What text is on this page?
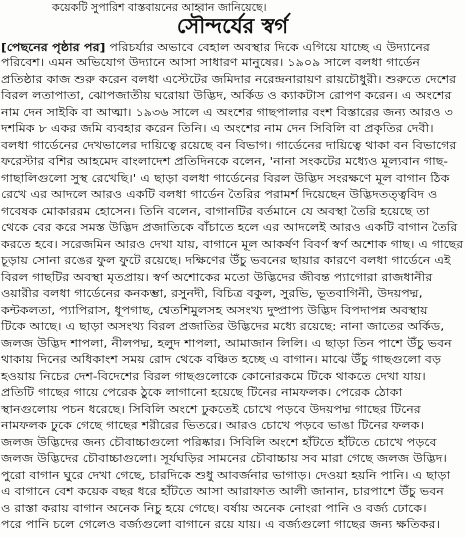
কয়েকটি সুপারিশ বাস্তবায়নের আহ্বান জানিয়েছে।
সৌন্দর্যের স্বর্গ
[পেছনের পৃষ্ঠার পর] পরিচর্যার অভাবে বেহাল অবস্থার দিকে এগিয়ে যাচ্ছে এ উদ্যানের
পরিবেশ। এমন অভিযোগ উদ্যানে আসা সাধারণ মানুষের। ১৯০৯ সালে বলধা গার্ডেন
প্রতিষ্ঠার কাজ শুরু করেন বলধা এস্টেটের জমিদার নরেন্দ্রনারায়ণ রায়চৌধুরী। শুরুতে দেশের
বিরল লতাপাতা, ঝোপজাতীয় ঘরোয়া উদ্ভিদ, অর্কিড ও ক্যাকটাস রোপণ করেন। এ অংশের
নাম দেন সাইকি বা আত্মা। ১৯৩৬ সালে এ অংশের গাছপালার বংশ বিস্তারের জন্য আরও ৩
দশমিক ৮ একর জমি ব্যবহার করেন তিনি। এ অংশের নাম দেন সিবিলি বা প্রকৃতির দেবী।
বলধা গার্ডেনের দেখভালের দায়িত্বে রয়েছে বন বিভাগ। গার্ডেনের দায়িত্বে থাকা বন বিভাগের
ফরেস্টার বশির আহমেদ বাংলাদেশ প্রতিদিনকে বলেন, 'নানা সংকটের মধ্যেও মূল্যবান গাছ-
গাছালিগুলো সুস্থ রেখেছি।' এ ছাড়া বলধা গার্ডেনের বিরল উদ্ভিদ সংরক্ষণে মূল বাগান ঠিক
রেখে এর আদলে আরও একটি বলধা গার্ডেন তৈরির পরামর্শ দিয়েছেন উদ্ভিদতত্ত্ববিদ ও
গবেষক মোকাররম হোসেন। তিনি বলেন, বাগানটির বর্তমানে যে অবস্থা তৈরি হয়েছে তা
থেকে বের করে সমস্ত উদ্ভিদ প্রজাতিকে বাঁচাতে হলে এর আদলেই আরও একটি বাগান তৈরি
করতে হবে। সরেজমিন আরও দেখা যায়, বাগানে মূল আকর্ষণ বিবর্ণ স্বর্ণ অশোক গাছ। এ গাছের
চূড়ায় সোনা রঙের ফুল ফুটে রয়েছে। দক্ষিণের উঁচু ভবনের ছায়ার কারণে বলধা গার্ডেনে এই
বিরল গাছটির অবস্থা মৃতপ্রায়। স্বর্ণ অশোকের মতো উদ্ভিদের জীবন্ত প্যাগোরা রাজধানীর
ওয়ারীর বলধা গার্ডেনের কনকম্ভা, রসুনদী, বিচিত্র বকুল, সুরভি, ভূতবাগিনী, উদয়পদ্ম,
কন্টকলতা, প্যাপিরাস, ধূপগাছ, শ্বেতশিমুলসহ অসংখ্য দুষ্প্রাপ্য উদ্ভিদ বিপদাপন্ন অবস্থায়
টিকে আছে। এ ছাড়া অসংখ্য বিরল প্রজাতির উদ্ভিদের মধ্যে রয়েছে: নানা জাতের অর্কিড,
জলজ উদ্ভিদ শাপলা, নীলপদ্ম, হলুদ শাপলা, আমাজান লিলি। এ ছাড়া তিন পাশে উঁচু ভবন
থাকায় দিনের অধিকাংশ সময় রোদ থেকে বঞ্চিত হচ্ছে এ বাগান। মাঝে উঁচু গাছগুলো বড়
হওয়ায় নিচের দেশ-বিদেশের বিরল গাছগুলোকে কোনোরকমে টিকে থাকতে দেখা যায়।
প্রতিটি গাছের গায়ে পেরেক ঠুকে লাগানো হয়েছে টিনের নামফলক। পেরেক ঠোকা
স্থানগুলোয় পচন ধরেছে। সিবিলি অংশে ঢুকতেই চোখে পড়বে উদয়পদ্ম গাছের টিনের
নামফলক ঢুকে গেছে গাছের শরীরের ভিতরে। আরও চোখে পড়বে ভাঙা টিনের ফলক।
জলজ উদ্ভিদের জন্য চৌবাচ্চাগুলো পরিষ্কার। সিবিলি অংশে হাঁটতে হাঁটতে চোখে পড়বে
জলজ উদ্ভিদের চৌবাচ্চাগুলো। সূর্যঘড়ির সামনের চৌবাচ্চায় সব মারা গেছে জলজ উদ্ভিদ।
পুরো বাগান ঘুরে দেখা গেছে, চারদিকে শুধু আবর্জনার ভাগাড়। দেওয়া হয়নি পানি। এ ছাড়া
এ বাগানে বেশ কয়েক বছর ধরে হাঁটতে আসা আরাফাত আলী জানান, চারপাশে উঁচু ভবন
ও রাস্তা করায় বাগান অনেক নিচু হয়ে গেছে। বর্ষায় অনেক নোংরা পানি ও বর্জ্য ঢোকে।
পরে পানি চলে গেলেও বর্জ্যগুলো বাগানে রয়ে যায়। এ বর্জ্যগুলো গাছের জন্য ক্ষতিকর।
